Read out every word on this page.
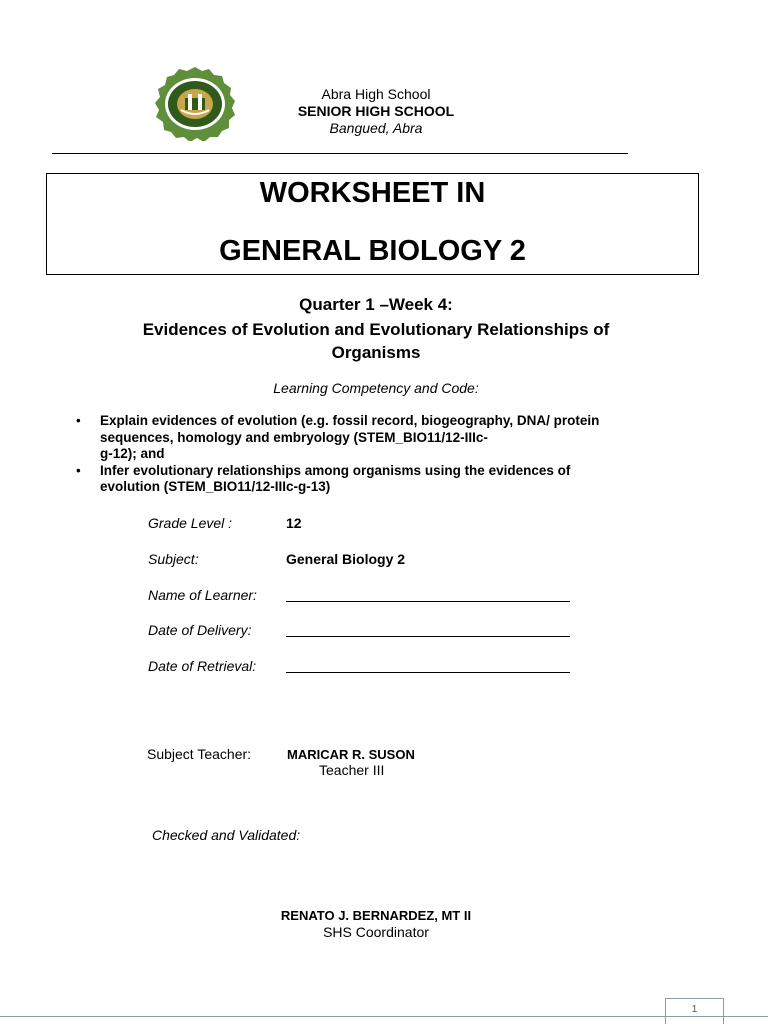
Abra High School
SENIOR HIGH SCHOOL
Bangued, Abra
WORKSHEET IN
GENERAL BIOLOGY 2
Quarter 1 –Week 4:
Evidences of Evolution and Evolutionary Relationships of
Organisms
Learning Competency and Code:
• Explain evidences of evolution (e.g. fossil record, biogeography, DNA/ protein
sequences, homology and embryology (STEM_BIO11/12-IIIc-
g-12); and
• Infer evolutionary relationships among organisms using the evidences of
evolution (STEM_BIO11/12-IIIc-g-13)
Grade Level :	12
Subject:	General Biology 2
Name of Learner:
Date of Delivery:
Date of Retrieval:
Subject Teacher:	MARICAR R. SUSON
Teacher III
Checked and Validated:
RENATO J. BERNARDEZ, MT II
SHS Coordinator
1
